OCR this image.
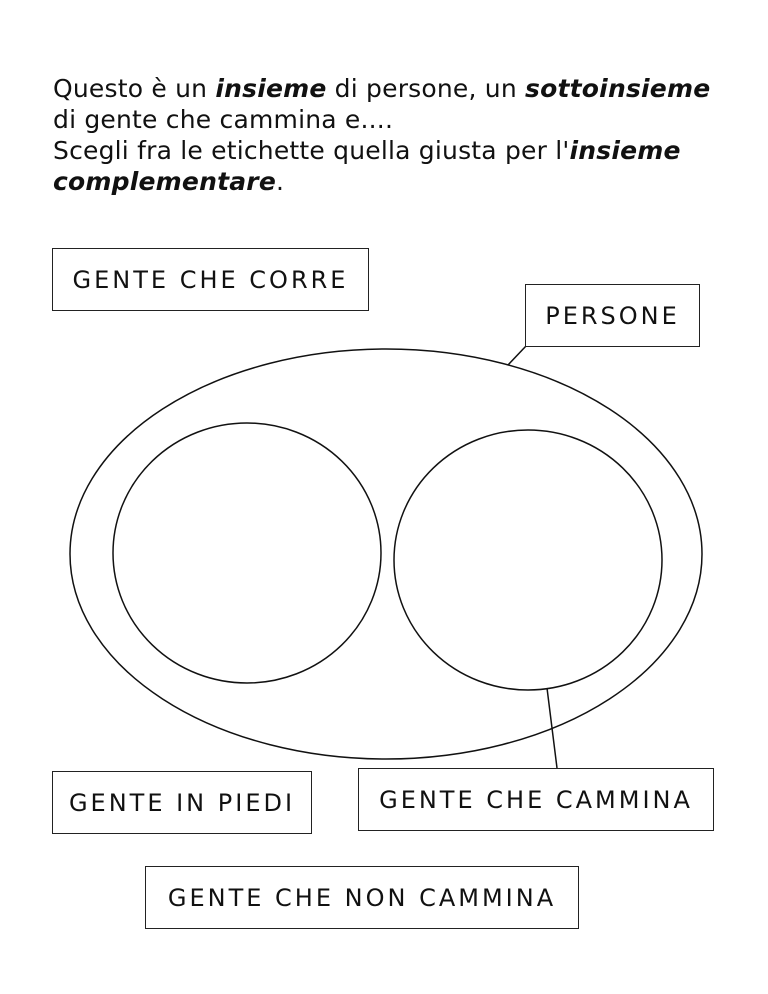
Questo è un insieme di persone, un sottoinsieme

di gente che cammina e....

Scegli fra le etichette quella giusta per l'insieme

complementare.

GENTE CHE CORRE
PERSONE
GENTE IN PIEDI	GENTE CHE CAMMINA
GENTE CHE NON CAMMINA
